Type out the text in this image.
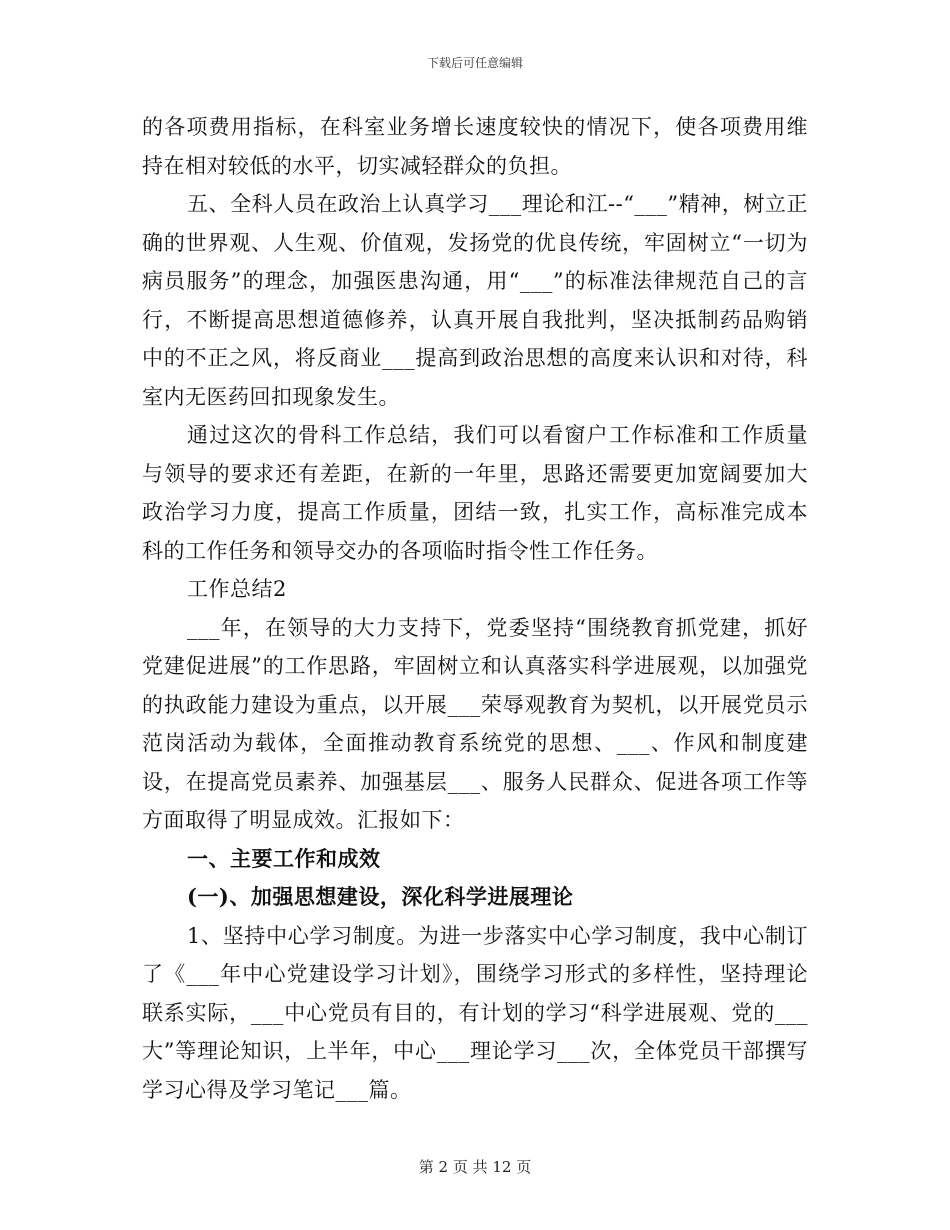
下载后可任意编辑

的各项费用指标，在科室业务增长速度较快的情况下，使各项费用维持在相对较低的水平，切实减轻群众的负担。

五、全科人员在政治上认真学习___理论和江--“___”精神，树立正确的世界观、人生观、价值观，发扬党的优良传统，牢固树立“一切为病员服务”的理念，加强医患沟通，用“___”的标准法律规范自己的言行，不断提高思想道德修养，认真开展自我批判，坚决抵制药品购销中的不正之风，将反商业___提高到政治思想的高度来认识和对待，科室内无医药回扣现象发生。

通过这次的骨科工作总结，我们可以看窗户工作标准和工作质量与领导的要求还有差距，在新的一年里，思路还需要更加宽阔要加大政治学习力度，提高工作质量，团结一致，扎实工作，高标准完成本科的工作任务和领导交办的各项临时指令性工作任务。

工作总结2

___年，在领导的大力支持下，党委坚持“围绕教育抓党建，抓好党建促进展”的工作思路，牢固树立和认真落实科学进展观，以加强党的执政能力建设为重点，以开展___荣辱观教育为契机，以开展党员示范岗活动为载体，全面推动教育系统党的思想、___、作风和制度建设，在提高党员素养、加强基层___、服务人民群众、促进各项工作等方面取得了明显成效。汇报如下：

一、主要工作和成效

(一)、加强思想建设，深化科学进展理论

1、坚持中心学习制度。为进一步落实中心学习制度，我中心制订了《___年中心党建设学习计划》，围绕学习形式的多样性，坚持理论联系实际，___中心党员有目的，有计划的学习“科学进展观、党的___大”等理论知识，上半年，中心___理论学习___次，全体党员干部撰写学习心得及学习笔记___篇。

第 2 页 共 12 页
